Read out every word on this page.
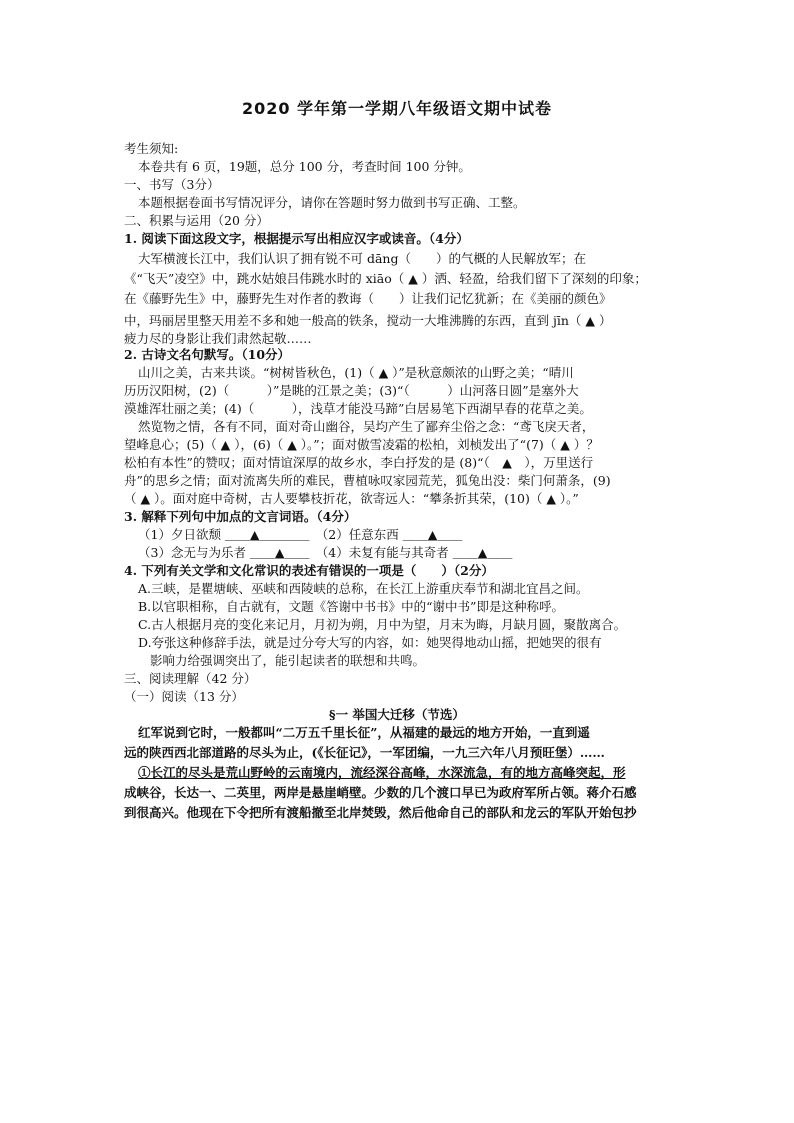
2020 学年第一学期八年级语文期中试卷
考生须知:
本卷共有 6 页，19题，总分 100 分，考查时间 100 分钟。
一、书写（3分）
本题根据卷面书写情况评分，请你在答题时努力做到书写正确、工整。
二、积累与运用（20 分）
1. 阅读下面这段文字，根据提示写出相应汉字或读音。（4分）
大军横渡长江中，我们认识了拥有锐不可 dāng（　　）的气概的人民解放军；在
《“飞天”凌空》中，跳水姑娘吕伟跳水时的 xiāo（ ▲ ）洒、轻盈，给我们留下了深刻的印象；
在《藤野先生》中，藤野先生对作者的教诲（　　）让我们记忆犹新；在《美丽的颜色》
中，玛丽居里整天用差不多和她一般高的铁条，搅动一大堆沸腾的东西，直到 jīn（ ▲ ）
疲力尽的身影让我们肃然起敬……
2. 古诗文名句默写。（10分）
山川之美，古来共谈。“树树皆秋色，(1)（ ▲ ）”是秋意颇浓的山野之美；“晴川
历历汉阳树，(2)（　　　）”是眺的江景之美；(3)“（　　　）山河落日圆”是塞外大
漠雄浑壮丽之美；(4)（　　　），浅草才能没马蹄”白居易笔下西湖早春的花草之美。
然览物之情，各有不同，面对奇山幽谷，吴均产生了鄙弃尘俗之念：“鸢飞戾天者，
望峰息心；(5)（ ▲ ），(6)（ ▲ ）。”；面对傲雪凌霜的松柏，刘桢发出了“(7)（ ▲ ）？
松柏有本性”的赞叹；面对情谊深厚的故乡水，李白抒发的是 (8)“（　▲　），万里送行
舟”的思乡之情；面对流离失所的难民，曹植咏叹家园荒芜，狐兔出没：柴门何萧条，(9)
（ ▲ ）。面对庭中奇树，古人要攀枝折花，欲寄远人：“攀条折其荣，(10)（ ▲ ）。”
3. 解释下列句中加点的文言词语。（4分）
（1）夕日欲颓 ＿＿▲＿＿＿＿　（2）任意东西 ＿＿▲＿＿
（3）念无与为乐者 ＿＿▲＿＿　（4）未复有能与其奇者 ＿＿▲＿＿
4. 下列有关文学和文化常识的表述有错误的一项是（　　）（2分）
A.三峡，是瞿塘峡、巫峡和西陵峡的总称，在长江上游重庆奉节和湖北宜昌之间。
B.以官职相称，自古就有，文题《答谢中书书》中的“谢中书”即是这种称呼。
C.古人根据月亮的变化来记月，月初为朔，月中为望，月末为晦，月缺月圆，聚散离合。
D.夸张这种修辞手法，就是过分夸大写的内容，如：她哭得地动山摇，把她哭的很有
影响力给强调突出了，能引起读者的联想和共鸣。
三、阅读理解（42 分）
（一）阅读（13 分）
§一 举国大迁移（节选）
红军说到它时，一般都叫“二万五千里长征”，从福建的最远的地方开始，一直到遥
远的陕西西北部道路的尽头为止，(《长征记》，一军团编，一九三六年八月预旺堡）……
①长江的尽头是荒山野岭的云南境内，流经深谷高峰，水深流急，有的地方高峰突起，形
成峡谷，长达一、二英里，两岸是悬崖峭壁。少数的几个渡口早已为政府军所占领。蒋介石感
到很高兴。他现在下令把所有渡船撤至北岸焚毁，然后他命自己的部队和龙云的军队开始包抄
